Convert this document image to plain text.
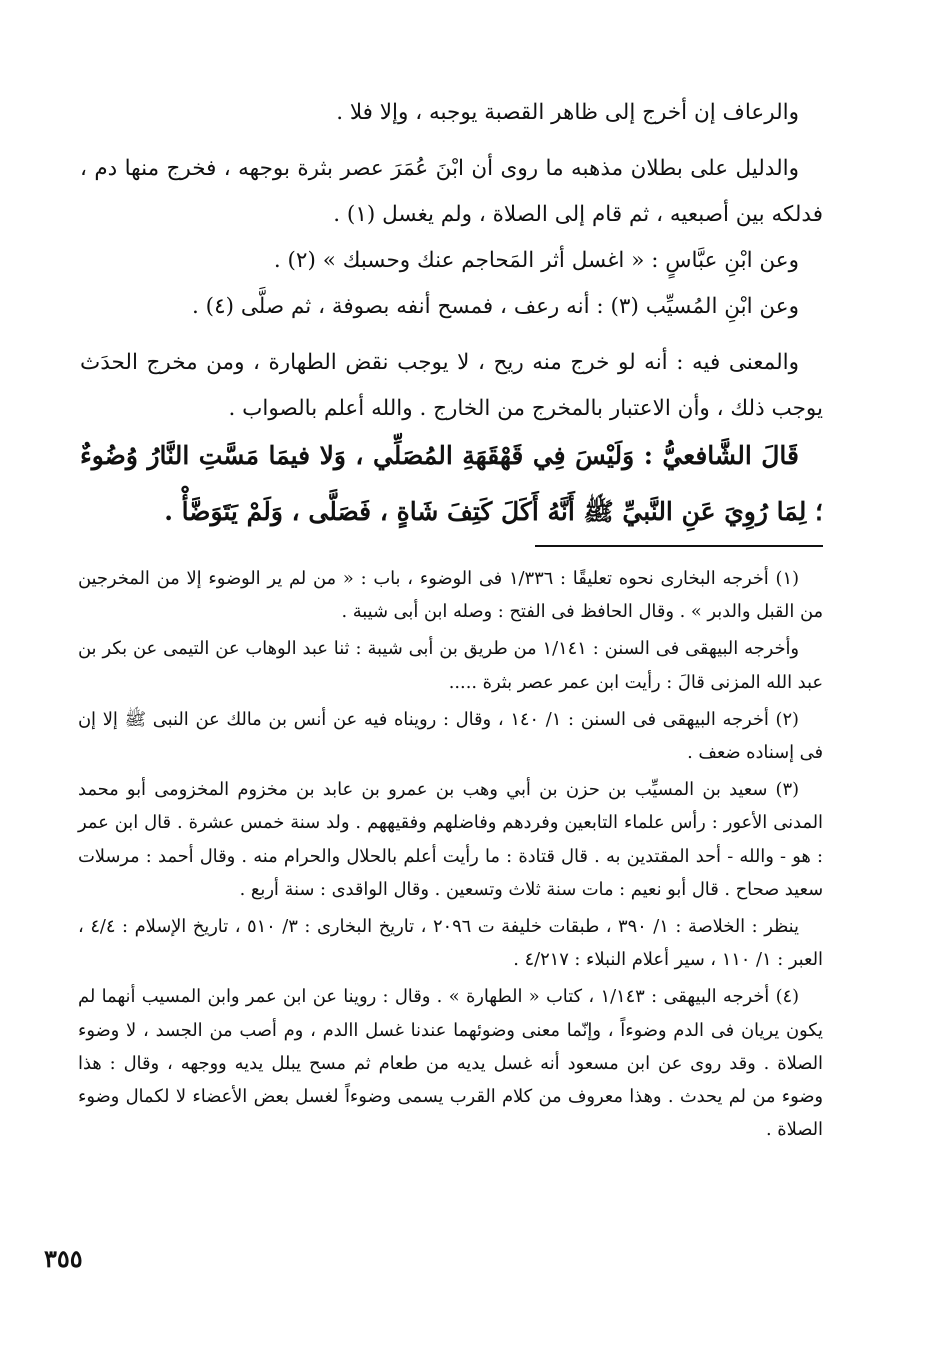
والرعاف إن أخرج إلى ظاهر القصبة يوجبه ، وإلا فلا .

والدليل على بطلان مذهبه ما روى أن ابْنَ عُمَرَ عصر بثرة بوجهه ، فخرج منها دم ، فدلكه بين أصبعيه ، ثم قام إلى الصلاة ، ولم يغسل (١) .

وعن ابْنِ عبَّاسٍ : « اغسل أثر المَحاجم عنك وحسبك » (٢) .

وعن ابْنِ المُسيِّب (٣) : أنه رعف ، فمسح أنفه بصوفة ، ثم صلَّى (٤) .

والمعنى فيه : أنه لو خرج منه ريح ، لا يوجب نقض الطهارة ، ومن مخرج الحدَث يوجب ذلك ، وأن الاعتبار بالمخرج من الخارج . والله أعلم بالصواب .

قَالَ الشَّافعيُّ : وَلَيْسَ فِي قَهْقَهَةِ المُصَلِّي ، وَلا فيمَا مَسَّتِ النَّارُ وُضُوءٌ ؛ لِمَا رُوِيَ عَنِ النَّبيِّ ﷺ أَنَّهُ أَكَلَ كَتِفَ شَاةٍ ، فَصَلَّى ، وَلَمْ يَتَوَضَّأْ .

(١) أخرجه البخارى نحوه تعليقًا : ١/٣٣٦ فى الوضوء ، باب : « من لم ير الوضوء إلا من المخرجين من القبل والدبر » . وقال الحافظ فى الفتح : وصله ابن أبى شيبة .

وأخرجه البيهقى فى السنن : ١/١٤١ من طريق بن أبى شيبة : ثنا عبد الوهاب عن التيمى عن بكر بن عبد الله المزنى قالَ : رأيت ابن عمر عصر بثرة .....

(٢) أخرجه البيهقى فى السنن : ١/ ١٤٠ ، وقال : رويناه فيه عن أنس بن مالك عن النبى ﷺ إلا إن فى إسناده ضعف .

(٣) سعيد بن المسيِّب بن حزن بن أبي وهب بن عمرو بن عابد بن مخزوم المخزومى أبو محمد المدنى الأعور : رأس علماء التابعين وفردهم وفاضلهم وفقيههم . ولد سنة خمس عشرة . قال ابن عمر : هو - والله - أحد المقتدين به . قال قتادة : ما رأيت أعلم بالحلال والحرام منه . وقال أحمد : مرسلات سعيد صحاح . قال أبو نعيم : مات سنة ثلاث وتسعين . وقال الواقدى : سنة أربع .

ينظر : الخلاصة : ١/ ٣٩٠ ، طبقات خليفة ت ٢٠٩٦ ، تاريخ البخارى : ٣/ ٥١٠ ، تاريخ الإسلام : ٤/٤ ، العبر : ١/ ١١٠ ، سير أعلام النبلاء : ٤/٢١٧ .

(٤) أخرجه البيهقى : ١/١٤٣ ، كتاب « الطهارة » . وقال : روينا عن ابن عمر وابن المسيب أنهما لم يكون يريان فى الدم وضوءاً ، وإنّما معنى وضوئهما عندنا غسل االدم ، وم أصب من الجسد ، لا وضوء الصلاة . وقد روى عن ابن مسعود أنه غسل يديه من طعام ثم مسح يبلل يديه ووجهه ، وقال : هذا وضوء من لم يحدث . وهذا معروف من كلام القرب يسمى وضوءاً لغسل بعض الأعضاء لا لكمال وضوء الصلاة .

٣٥٥
